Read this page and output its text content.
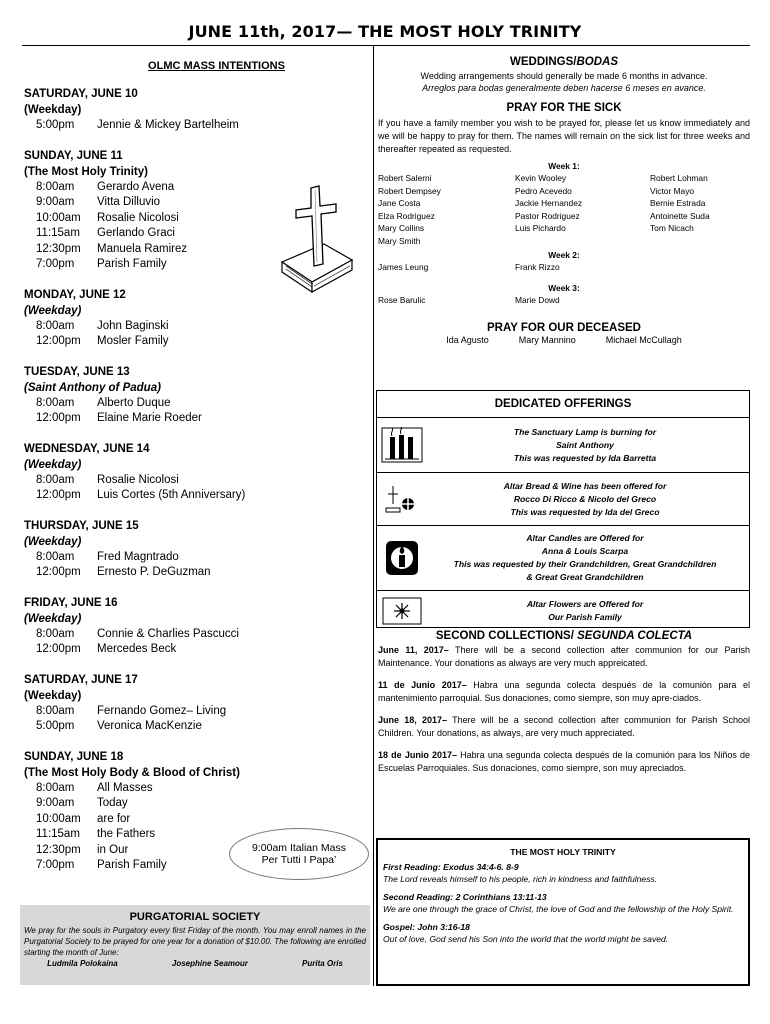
JUNE 11th, 2017— THE MOST HOLY TRINITY
OLMC MASS INTENTIONS
SATURDAY, JUNE 10
(Weekday)
5:00pm	Jennie & Mickey Bartelheim
SUNDAY, JUNE 11
(The Most Holy Trinity)
8:00am	Gerardo Avena
9:00am	Vitta Dilluvio
10:00am	Rosalie Nicolosi
11:15am	Gerlando Graci
12:30pm	Manuela Ramirez
7:00pm	Parish Family
MONDAY, JUNE 12
(Weekday)
8:00am	John Baginski
12:00pm	Mosler Family
TUESDAY, JUNE 13
(Saint Anthony of Padua)
8:00am	Alberto Duque
12:00pm	Elaine Marie Roeder
WEDNESDAY, JUNE 14
(Weekday)
8:00am	Rosalie Nicolosi
12:00pm	Luis Cortes (5th Anniversary)
THURSDAY, JUNE 15
(Weekday)
8:00am	Fred Magntrado
12:00pm	Ernesto P. DeGuzman
FRIDAY, JUNE 16
(Weekday)
8:00am	Connie & Charlies Pascucci
12:00pm	Mercedes Beck
SATURDAY, JUNE 17
(Weekday)
8:00am	Fernando Gomez– Living
5:00pm	Veronica MacKenzie
SUNDAY, JUNE 18
(The Most Holy Body & Blood of Christ)
8:00am	All Masses
9:00am	Today
10:00am	are for
11:15am	the Fathers
12:30pm	in Our
7:00pm	Parish Family
9:00am Italian Mass
Per Tutti I Papa’
PURGATORIAL SOCIETY
We pray for the souls in Purgatory every first Friday of the month. You may enroll names in the Purgatorial Society to be prayed for one year for a donation of $10.00. The following are enrolled starting the month of June:
Ludmila Polokaina	Josephine Seamour	Purita Oris
WEDDINGS/BODAS
Wedding arrangements should generally be made 6 months in advance.
Arreglos para bodas generalmente deben hacerse 6 meses en avance.
PRAY FOR THE SICK
If you have a family member you wish to be prayed for, please let us know immediately and we will be happy to pray for them. The names will remain on the sick list for three weeks and thereafter repeated as requested.
Week 1:
Robert Salerni	Kevin Wooley	Robert Lohman
Robert Dempsey	Pedro Acevedo	Victor Mayo
Jane Costa	Jackie Hernandez	Bernie Estrada
Elza Rodriguez	Pastor Rodriguez	Antoinette Suda
Mary Collins	Luis Pichardo	Tom Nicach
Mary Smith
Week 2:
James Leung	Frank Rizzo
Week 3:
Rose Barulic	Marie Dowd
PRAY FOR OUR DECEASED
Ida Agusto	Mary Mannino	Michael McCullagh
DEDICATED OFFERINGS
The Sanctuary Lamp is burning for
Saint Anthony
This was requested by Ida Barretta
Altar Bread & Wine has been offered for
Rocco Di Ricco & Nicolo del Greco
This was requested by Ida del Greco
Altar Candles are Offered for
Anna & Louis Scarpa
This was requested by their Grandchildren, Great Grandchildren
& Great Great Grandchildren
Altar Flowers are Offered for
Our Parish Family
SECOND COLLECTIONS/ SEGUNDA COLECTA
June 11, 2017– There will be a second collection after communion for our Parish Maintenance. Your donations as always are very much appreicated.
11 de Junio 2017– Habra una segunda colecta después de la comunión para el mantenimiento parroquial. Sus donaciones, como siempre, son muy apre-ciados.
June 18, 2017– There will be a second collection after communion for Parish School Children. Your donations, as always, are very much appreciated.
18 de Junio 2017– Habra una segunda colecta después de la comunión para los Niños de Escuelas Parroquiales. Sus donaciones, como siempre, son muy apreciados.
THE MOST HOLY TRINITY
First Reading: Exodus 34:4-6. 8-9
The Lord reveals himself to his people, rich in kindness and faithfulness.
Second Reading: 2 Corinthians 13:11-13
We are one through the grace of Christ, the love of God and the fellowship of the Holy Spirit.
Gospel: John 3:16-18
Out of love, God send his Son into the world that the world might be saved.
